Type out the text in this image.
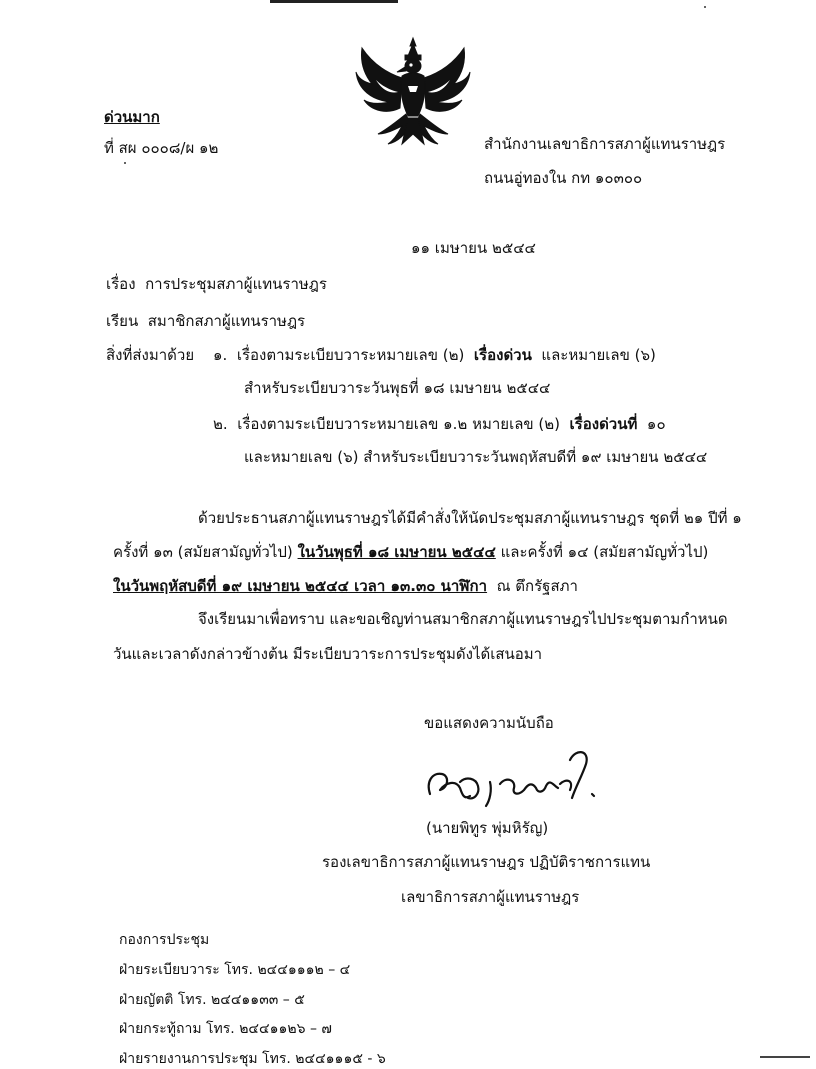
ด่วนมาก
ที่ สผ ๐๐๐๘/ผ ๑๒	สำนักงานเลขาธิการสภาผู้แทนราษฎร
ถนนอู่ทองใน กท ๑๐๓๐๐
๑๑ เมษายน ๒๕๔๔
เรื่อง การประชุมสภาผู้แทนราษฎร
เรียน สมาชิกสภาผู้แทนราษฎร
สิ่งที่ส่งมาด้วย ๑. เรื่องตามระเบียบวาระหมายเลข (๒) เรื่องด่วน และหมายเลข (๖)
สำหรับระเบียบวาระวันพุธที่ ๑๘ เมษายน ๒๕๔๔
๒. เรื่องตามระเบียบวาระหมายเลข ๑.๒ หมายเลข (๒) เรื่องด่วนที่ ๑๐
และหมายเลข (๖) สำหรับระเบียบวาระวันพฤหัสบดีที่ ๑๙ เมษายน ๒๕๔๔
ด้วยประธานสภาผู้แทนราษฎรได้มีคำสั่งให้นัดประชุมสภาผู้แทนราษฎร ชุดที่ ๒๑ ปีที่ ๑
ครั้งที่ ๑๓ (สมัยสามัญทั่วไป) ในวันพุธที่ ๑๘ เมษายน ๒๕๔๔ และครั้งที่ ๑๔ (สมัยสามัญทั่วไป)
ในวันพฤหัสบดีที่ ๑๙ เมษายน ๒๕๔๔ เวลา ๑๓.๓๐ นาฬิกา ณ ตึกรัฐสภา
จึงเรียนมาเพื่อทราบ และขอเชิญท่านสมาชิกสภาผู้แทนราษฎรไปประชุมตามกำหนด
วันและเวลาดังกล่าวข้างต้น มีระเบียบวาระการประชุมดังได้เสนอมา
ขอแสดงความนับถือ
(นายพิทูร พุ่มหิรัญ)
รองเลขาธิการสภาผู้แทนราษฎร ปฏิบัติราชการแทน
เลขาธิการสภาผู้แทนราษฎร
กองการประชุม
ฝ่ายระเบียบวาระ โทร. ๒๔๔๑๑๑๒ – ๔
ฝ่ายญัตติ โทร. ๒๔๔๑๑๓๓ – ๕
ฝ่ายกระทู้ถาม โทร. ๒๔๔๑๑๒๖ – ๗
ฝ่ายรายงานการประชุม โทร. ๒๔๔๑๑๑๕ - ๖
